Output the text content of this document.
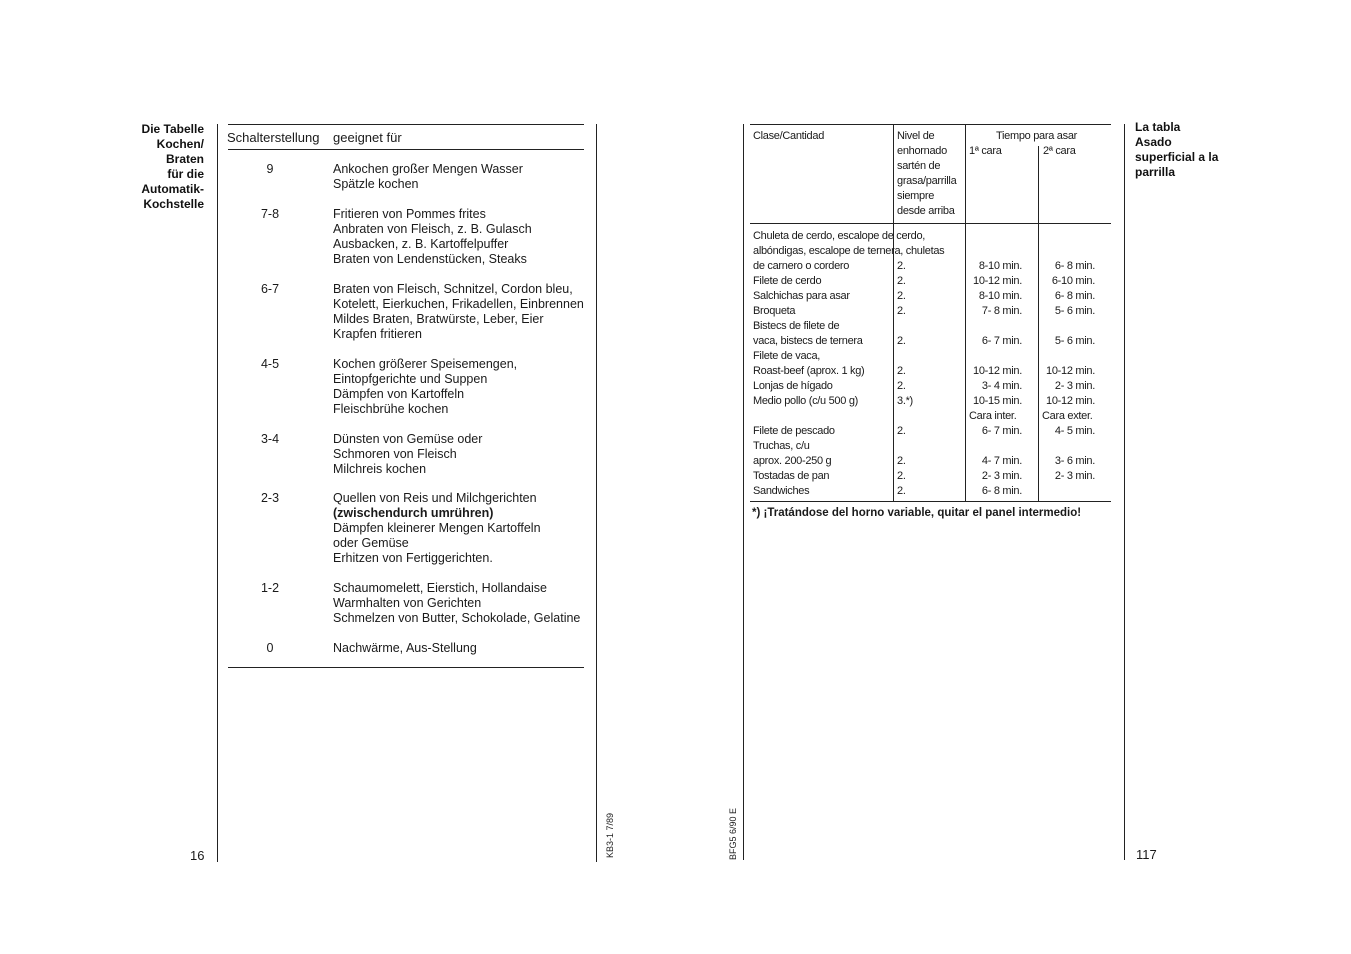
Die Tabelle
Kochen/
Braten
für die
Automatik-
Kochstelle
Schalterstellung geeignet für
9	Ankochen großer Mengen Wasser
Spätzle kochen
7-8	Fritieren von Pommes frites
Anbraten von Fleisch, z. B. Gulasch
Ausbacken, z. B. Kartoffelpuffer
Braten von Lendenstücken, Steaks
6-7	Braten von Fleisch, Schnitzel, Cordon bleu,
Kotelett, Eierkuchen, Frikadellen, Einbrennen
Mildes Braten, Bratwürste, Leber, Eier
Krapfen fritieren
4-5	Kochen größerer Speisemengen,
Eintopfgerichte und Suppen
Dämpfen von Kartoffeln
Fleischbrühe kochen
3-4	Dünsten von Gemüse oder
Schmoren von Fleisch
Milchreis kochen
2-3	Quellen von Reis und Milchgerichten
(zwischendurch umrühren)
Dämpfen kleinerer Mengen Kartoffeln
oder Gemüse
Erhitzen von Fertiggerichten.
1-2	Schaumomelett, Eierstich, Hollandaise
Warmhalten von Gerichten
Schmelzen von Butter, Schokolade, Gelatine
0	Nachwärme, Aus-Stellung
16	KB3-1 7/89	BFG5 6/90 E
Clase/Cantidad	Nivel de
enhornado
sartén de
grasa/parrilla
siempre
desde arriba
Tiempo para asar
1ª cara	2ª cara
Chuleta de cerdo, escalope de cerdo,
albóndigas, escalope de ternera, chuletas
de carnero o cordero	2.	8-10 min.	6- 8 min.
Filete de cerdo	2.	10-12 min.	6-10 min.
Salchichas para asar	2.	8-10 min.	6- 8 min.
Broqueta	2.	7- 8 min.	5- 6 min.
Bistecs de filete de
vaca, bistecs de ternera	2.	6- 7 min.	5- 6 min.
Filete de vaca,
Roast-beef (aprox. 1 kg)	2.	10-12 min. 10-12 min.
Lonjas de hígado	2.	3- 4 min.	2- 3 min.
Medio pollo (c/u 500 g)	3.*)	10-15 min. 10-12 min.
Cara inter. Cara exter.
Filete de pescado	2.	6- 7 min.	4- 5 min.
Truchas, c/u
aprox. 200-250 g	2.	4- 7 min.	3- 6 min.
Tostadas de pan	2.	2- 3 min.	2- 3 min.
Sandwiches	2.	6- 8 min.
*) ¡Tratándose del horno variable, quitar el panel intermedio!
La tabla
Asado
superficial a la
parrilla
117
